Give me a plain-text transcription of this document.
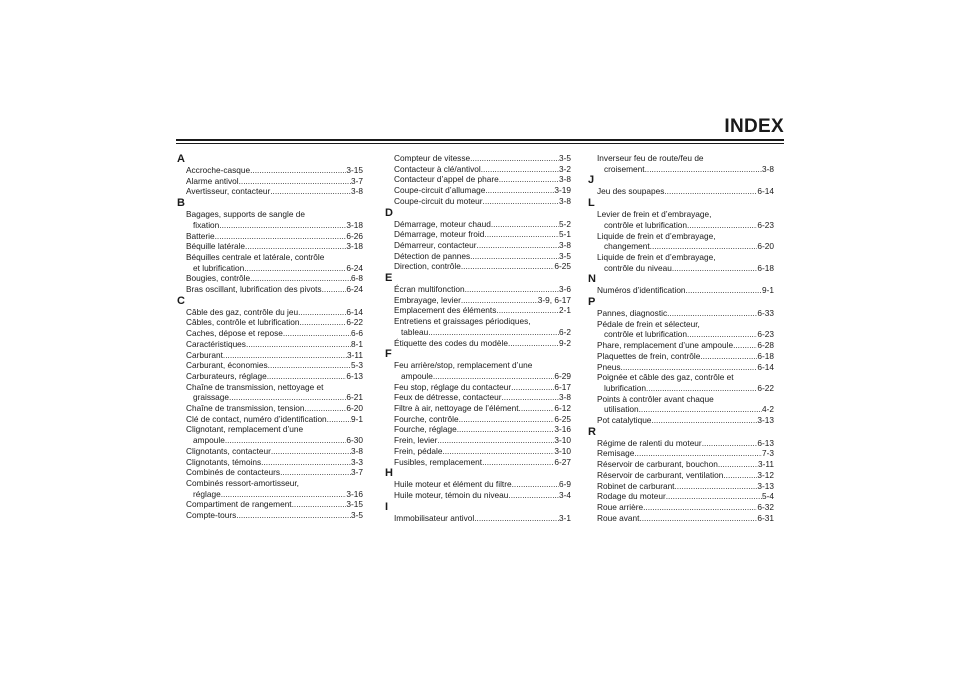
INDEX
A
Accroche-casque .....	3-15
Alarme antivol .....	3-7
Avertisseur, contacteur .....	3-8
B
Bagages, supports de sangle de
fixation .....	3-18
Batterie .....	6-26
Béquille latérale .....	3-18
Béquilles centrale et latérale, contrôle
et lubrification .....	6-24
Bougies, contrôle .....	6-8
Bras oscillant, lubrification des pivots .....	6-24
C
Câble des gaz, contrôle du jeu .....	6-14
Câbles, contrôle et lubrification .....	6-22
Caches, dépose et repose .....	6-6
Caractéristiques .....	8-1
Carburant .....	3-11
Carburant, économies .....	5-3
Carburateurs, réglage .....	6-13
Chaîne de transmission, nettoyage et
graissage .....	6-21
Chaîne de transmission, tension .....	6-20
Clé de contact, numéro d’identification .....	9-1
Clignotant, remplacement d’une
ampoule .....	6-30
Clignotants, contacteur .....	3-8
Clignotants, témoins .....	3-3
Combinés de contacteurs .....	3-7
Combinés ressort-amortisseur,
réglage .....	3-16
Compartiment de rangement .....	3-15
Compte-tours .....	3-5
Compteur de vitesse .....	3-5
Contacteur à clé/antivol .....	3-2
Contacteur d’appel de phare .....	3-8
Coupe-circuit d’allumage .....	3-19
Coupe-circuit du moteur .....	3-8
D
Démarrage, moteur chaud .....	5-2
Démarrage, moteur froid .....	5-1
Démarreur, contacteur .....	3-8
Détection de pannes .....	3-5
Direction, contrôle .....	6-25
E
Écran multifonction .....	3-6
Embrayage, levier .....	3-9, 6-17
Emplacement des éléments .....	2-1
Entretiens et graissages périodiques,
tableau .....	6-2
Étiquette des codes du modèle .....	9-2
F
Feu arrière/stop, remplacement d’une
ampoule .....	6-29
Feu stop, réglage du contacteur .....	6-17
Feux de détresse, contacteur .....	3-8
Filtre à air, nettoyage de l’élément .....	6-12
Fourche, contrôle .....	6-25
Fourche, réglage .....	3-16
Frein, levier .....	3-10
Frein, pédale .....	3-10
Fusibles, remplacement .....	6-27
H
Huile moteur et élément du filtre .....	6-9
Huile moteur, témoin du niveau .....	3-4
I
Immobilisateur antivol .....	3-1
Inverseur feu de route/feu de
croisement .....	3-8
J
Jeu des soupapes .....	6-14
L
Levier de frein et d’embrayage,
contrôle et lubrification .....	6-23
Liquide de frein et d’embrayage,
changement .....	6-20
Liquide de frein et d’embrayage,
contrôle du niveau .....	6-18
N
Numéros d’identification .....	9-1
P
Pannes, diagnostic .....	6-33
Pédale de frein et sélecteur,
contrôle et lubrification .....	6-23
Phare, remplacement d’une ampoule .....	6-28
Plaquettes de frein, contrôle .....	6-18
Pneus .....	6-14
Poignée et câble des gaz, contrôle et
lubrification .....	6-22
Points à contrôler avant chaque
utilisation .....	4-2
Pot catalytique .....	3-13
R
Régime de ralenti du moteur .....	6-13
Remisage .....	7-3
Réservoir de carburant, bouchon .....	3-11
Réservoir de carburant, ventilation .....	3-12
Robinet de carburant .....	3-13
Rodage du moteur .....	5-4
Roue arrière .....	6-32
Roue avant .....	6-31
